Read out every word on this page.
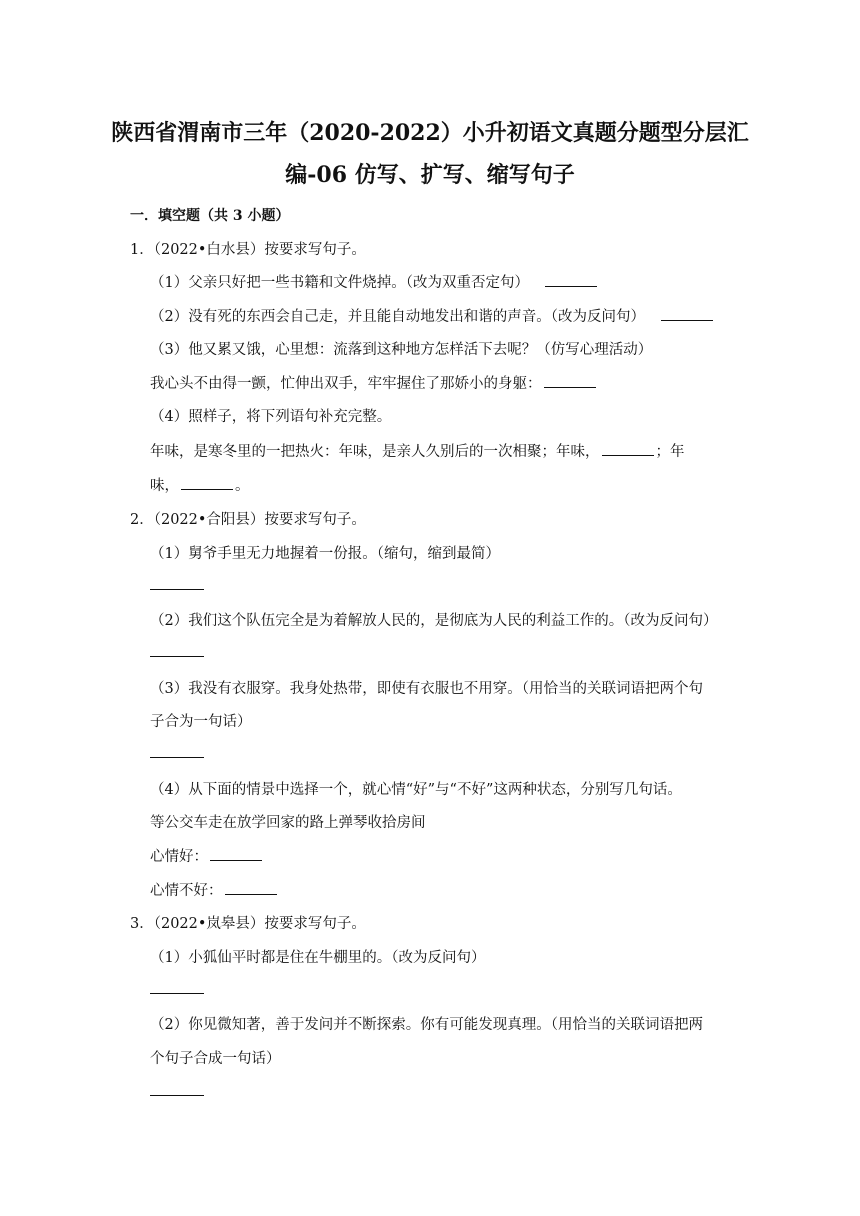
陕西省渭南市三年（2020-2022）小升初语文真题分题型分层汇
编-06 仿写、扩写、缩写句子
一．填空题（共 3 小题）
1．（2022•白水县）按要求写句子。
（1）父亲只好把一些书籍和文件烧掉。（改为双重否定句）
（2）没有死的东西会自己走，并且能自动地发出和谐的声音。（改为反问句）
（3）他又累又饿，心里想：流落到这种地方怎样活下去呢？（仿写心理活动）
我心头不由得一颤，忙伸出双手，牢牢握住了那娇小的身躯：
（4）照样子，将下列语句补充完整。
年味，是寒冬里的一把热火：年味，是亲人久别后的一次相聚；年味，	；年
味，	。
2．（2022•合阳县）按要求写句子。
（1）舅爷手里无力地握着一份报。（缩句，缩到最简）
（2）我们这个队伍完全是为着解放人民的，是彻底为人民的利益工作的。（改为反问句）
（3）我没有衣服穿。我身处热带，即使有衣服也不用穿。（用恰当的关联词语把两个句
子合为一句话）
（4）从下面的情景中选择一个，就心情“好”与“不好”这两种状态，分别写几句话。
等公交车走在放学回家的路上弹琴收拾房间
心情好：
心情不好：
3．（2022•岚皋县）按要求写句子。
（1）小狐仙平时都是住在牛棚里的。（改为反问句）
（2）你见微知著，善于发问并不断探索。你有可能发现真理。（用恰当的关联词语把两
个句子合成一句话）
